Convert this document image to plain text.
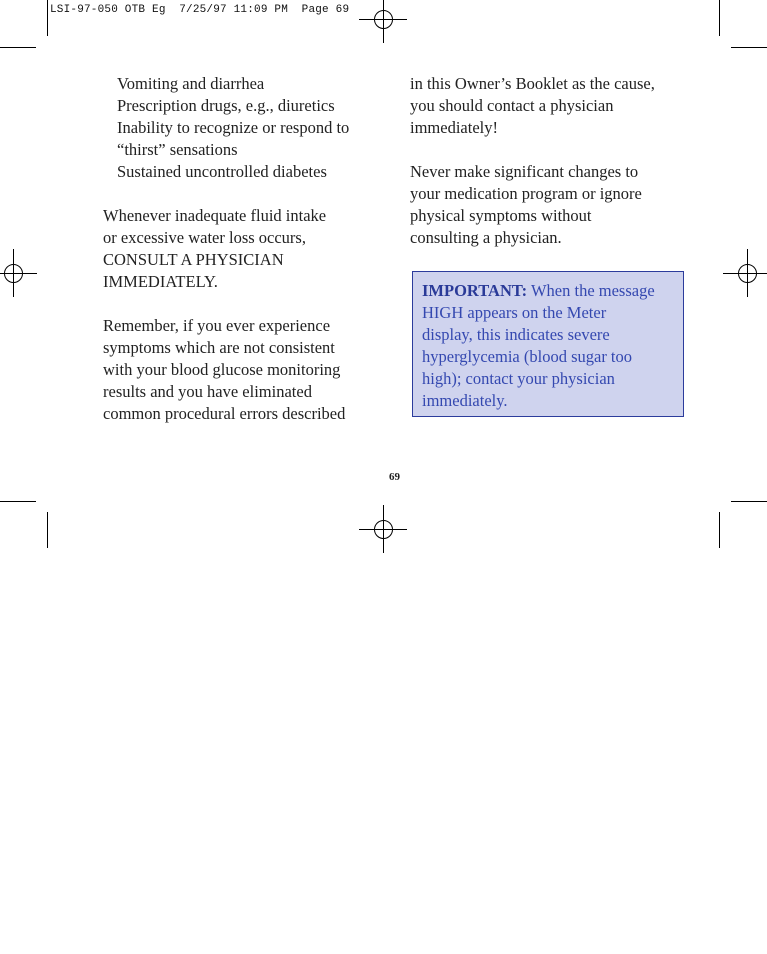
LSI-97-050 OTB Eg  7/25/97 11:09 PM  Page 69
Vomiting and diarrhea
Prescription drugs, e.g., diuretics
Inability to recognize or respond to
“thirst” sensations
Sustained uncontrolled diabetes
Whenever inadequate fluid intake
or excessive water loss occurs,
CONSULT A PHYSICIAN
IMMEDIATELY.
Remember, if you ever experience
symptoms which are not consistent
with your blood glucose monitoring
results and you have eliminated
common procedural errors described
in this Owner’s Booklet as the cause,
you should contact a physician
immediately!
Never make significant changes to
your medication program or ignore
physical symptoms without
consulting a physician.
IMPORTANT: When the message
HIGH appears on the Meter
display, this indicates severe
hyperglycemia (blood sugar too
high); contact your physician
immediately.
69
